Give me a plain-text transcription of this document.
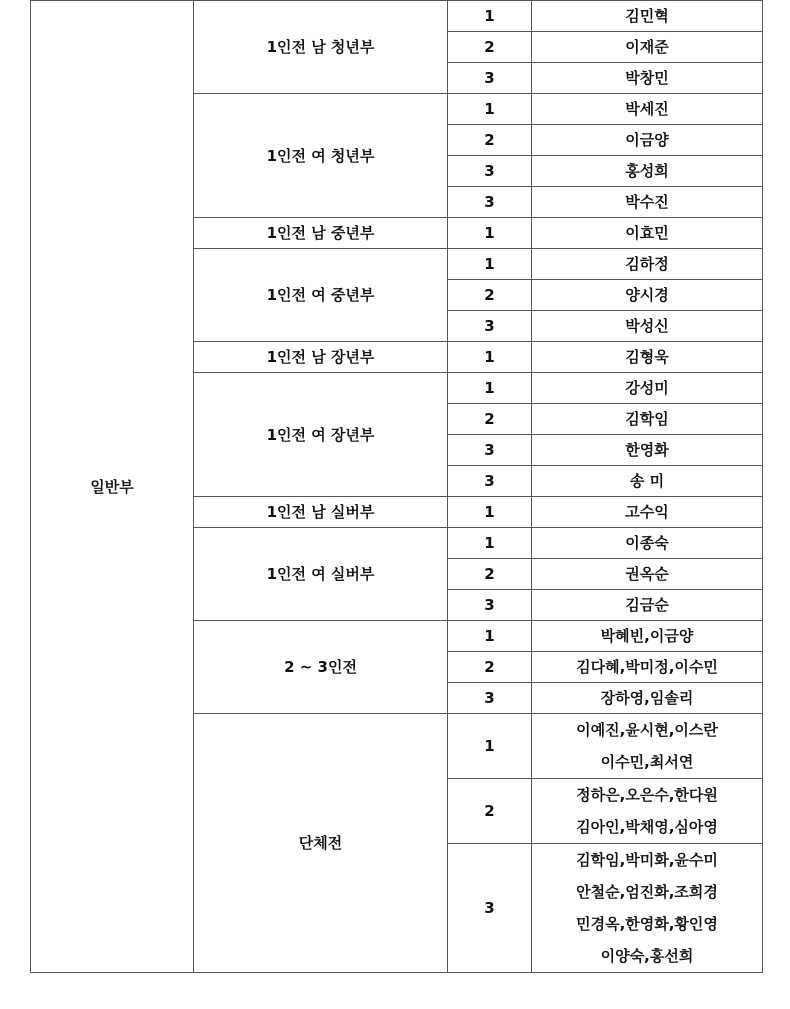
일반부	1인전 남 청년부	1	김민혁
		2	이재준
		3	박창민
	1인전 여 청년부	1	박세진
		2	이금양
		3	홍성희
		3	박수진
	1인전 남 중년부	1	이효민
	1인전 여 중년부	1	김하정
		2	양시경
		3	박성신
	1인전 남 장년부	1	김형욱
	1인전 여 장년부	1	강성미
		2	김학임
		3	한영화
		3	송 미
	1인전 남 실버부	1	고수익
	1인전 여 실버부	1	이종숙
		2	권옥순
		3	김금순
	2 ~ 3인전	1	박혜빈,이금양
		2	김다혜,박미정,이수민
		3	장하영,임솔리
	단체전	1	이예진,윤시현,이스란
이수민,최서연

		2	정하은,오은수,한다원
김아인,박채영,심아영

		3	김학임,박미화,윤수미
안철순,엄진화,조희경
민경옥,한영화,황인영
이양숙,홍선희
